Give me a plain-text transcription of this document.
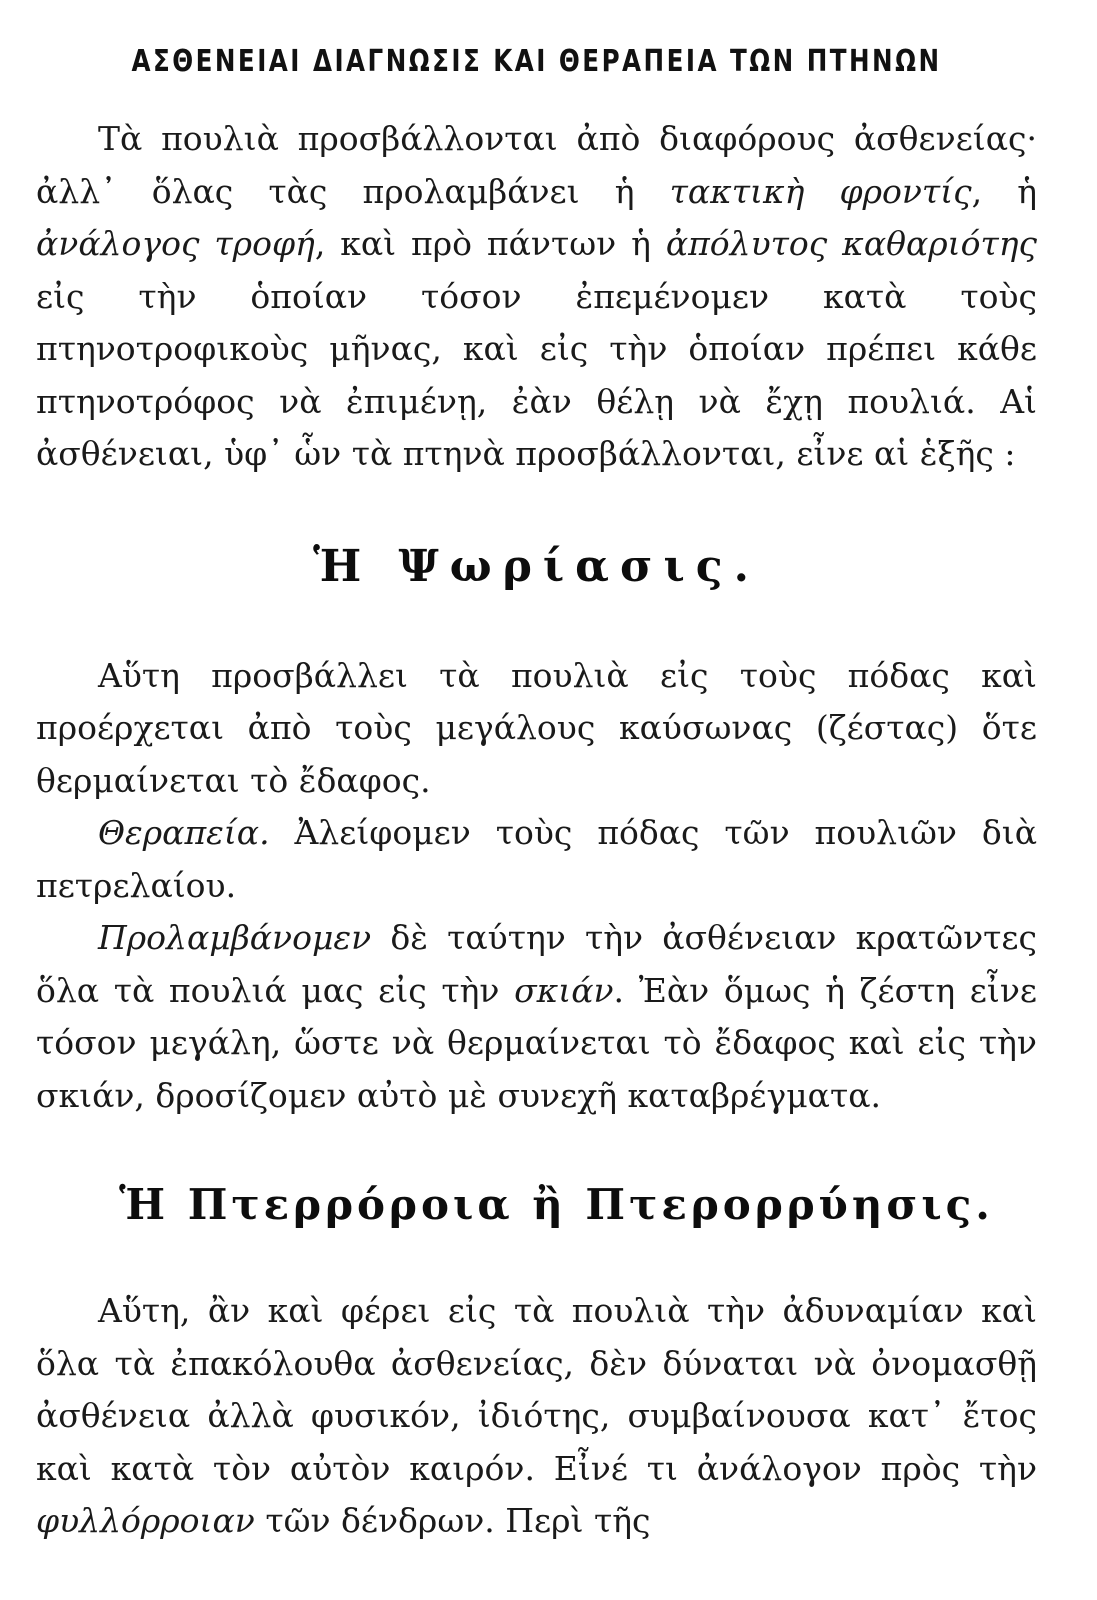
ΑΣΘΕΝΕΙΑΙ ΔΙΑΓΝΩΣΙΣ ΚΑΙ ΘΕΡΑΠΕΙΑ ΤΩΝ ΠΤΗΝΩΝ

Τὰ πουλιὰ προσβάλλονται ἀπὸ διαφόρους ἀσθενείας· ἀλλ᾿ ὅλας τὰς προλαμβάνει ἡ τακτικὴ φροντίς, ἡ ἀνάλογος τροφή, καὶ πρὸ πάντων ἡ ἀπόλυτος καθαριότης εἰς τὴν ὁποίαν τόσον ἐπεμένομεν κατὰ τοὺς πτηνοτροφικοὺς μῆνας, καὶ εἰς τὴν ὁποίαν πρέπει κάθε πτηνοτρόφος νὰ ἐπιμένῃ, ἐὰν θέλῃ νὰ ἔχῃ πουλιά. Αἱ ἀσθένειαι, ὑφ᾿ ὧν τὰ πτηνὰ προσβάλλονται, εἶνε αἱ ἑξῆς :

Ἡ Ψωρίασις.

Αὕτη προσβάλλει τὰ πουλιὰ εἰς τοὺς πόδας καὶ προέρχεται ἀπὸ τοὺς μεγάλους καύσωνας (ζέστας) ὅτε θερμαίνεται τὸ ἔδαφος.

Θεραπεία. Ἀλείφομεν τοὺς πόδας τῶν πουλιῶν διὰ πετρελαίου.

Προλαμβάνομεν δὲ ταύτην τὴν ἀσθένειαν κρατῶντες ὅλα τὰ πουλιά μας εἰς τὴν σκιάν. Ἐὰν ὅμως ἡ ζέστη εἶνε τόσον μεγάλη, ὥστε νὰ θερμαίνεται τὸ ἔδαφος καὶ εἰς τὴν σκιάν, δροσίζομεν αὐτὸ μὲ συνεχῆ καταβρέγματα.

Ἡ Πτερρόροια ἢ Πτερορρύησις.

Αὕτη, ἂν καὶ φέρει εἰς τὰ πουλιὰ τὴν ἀδυναμίαν καὶ ὅλα τὰ ἐπακόλουθα ἀσθενείας, δὲν δύναται νὰ ὀνομασθῇ ἀσθένεια ἀλλὰ φυσικόν, ἰδιότης, συμβαίνουσα κατ᾿ ἔτος καὶ κατὰ τὸν αὐτὸν καιρόν. Εἶνέ τι ἀνάλογον πρὸς τὴν φυλλόρροιαν τῶν δένδρων. Περὶ τῆς
